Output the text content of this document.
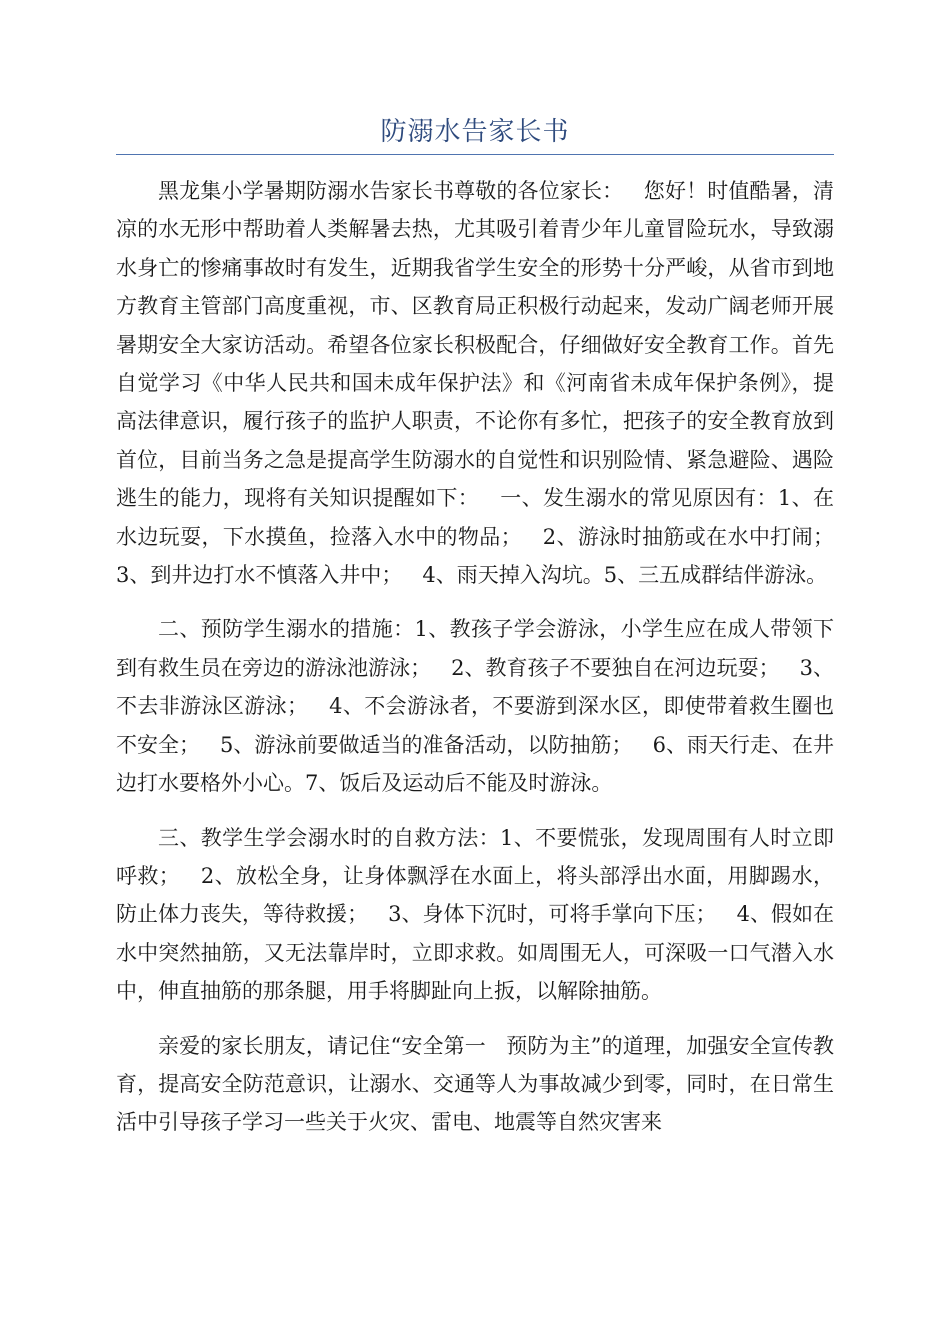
防溺水告家长书

黑龙集小学暑期防溺水告家长书尊敬的各位家长：   您好！时值酷暑，清凉的水无形中帮助着人类解暑去热，尤其吸引着青少年儿童冒险玩水，导致溺水身亡的惨痛事故时有发生，近期我省学生安全的形势十分严峻，从省市到地方教育主管部门高度重视，市、区教育局正积极行动起来，发动广阔老师开展暑期安全大家访活动。希望各位家长积极配合，仔细做好安全教育工作。首先自觉学习《中华人民共和国未成年保护法》和《河南省未成年保护条例》，提高法律意识，履行孩子的监护人职责，不论你有多忙，把孩子的安全教育放到首位，目前当务之急是提高学生防溺水的自觉性和识别险情、紧急避险、遇险逃生的能力，现将有关知识提醒如下：   一、发生溺水的常见原因有：1、在水边玩耍，下水摸鱼，捡落入水中的物品；   2、游泳时抽筋或在水中打闹；   3、到井边打水不慎落入井中；   4、雨天掉入沟坑。5、三五成群结伴游泳。

二、预防学生溺水的措施：1、教孩子学会游泳，小学生应在成人带领下到有救生员在旁边的游泳池游泳；   2、教育孩子不要独自在河边玩耍；   3、不去非游泳区游泳；   4、不会游泳者，不要游到深水区，即使带着救生圈也不安全；   5、游泳前要做适当的准备活动，以防抽筋；   6、雨天行走、在井边打水要格外小心。7、饭后及运动后不能及时游泳。

三、教学生学会溺水时的自救方法：1、不要慌张，发现周围有人时立即呼救；   2、放松全身，让身体飘浮在水面上，将头部浮出水面，用脚踢水，防止体力丧失，等待救援；   3、身体下沉时，可将手掌向下压；   4、假如在水中突然抽筋，又无法靠岸时，立即求救。如周围无人，可深吸一口气潜入水中，伸直抽筋的那条腿，用手将脚趾向上扳，以解除抽筋。

亲爱的家长朋友，请记住“安全第一   预防为主”的道理，加强安全宣传教育，提高安全防范意识，让溺水、交通等人为事故减少到零，同时，在日常生活中引导孩子学习一些关于火灾、雷电、地震等自然灾害来
